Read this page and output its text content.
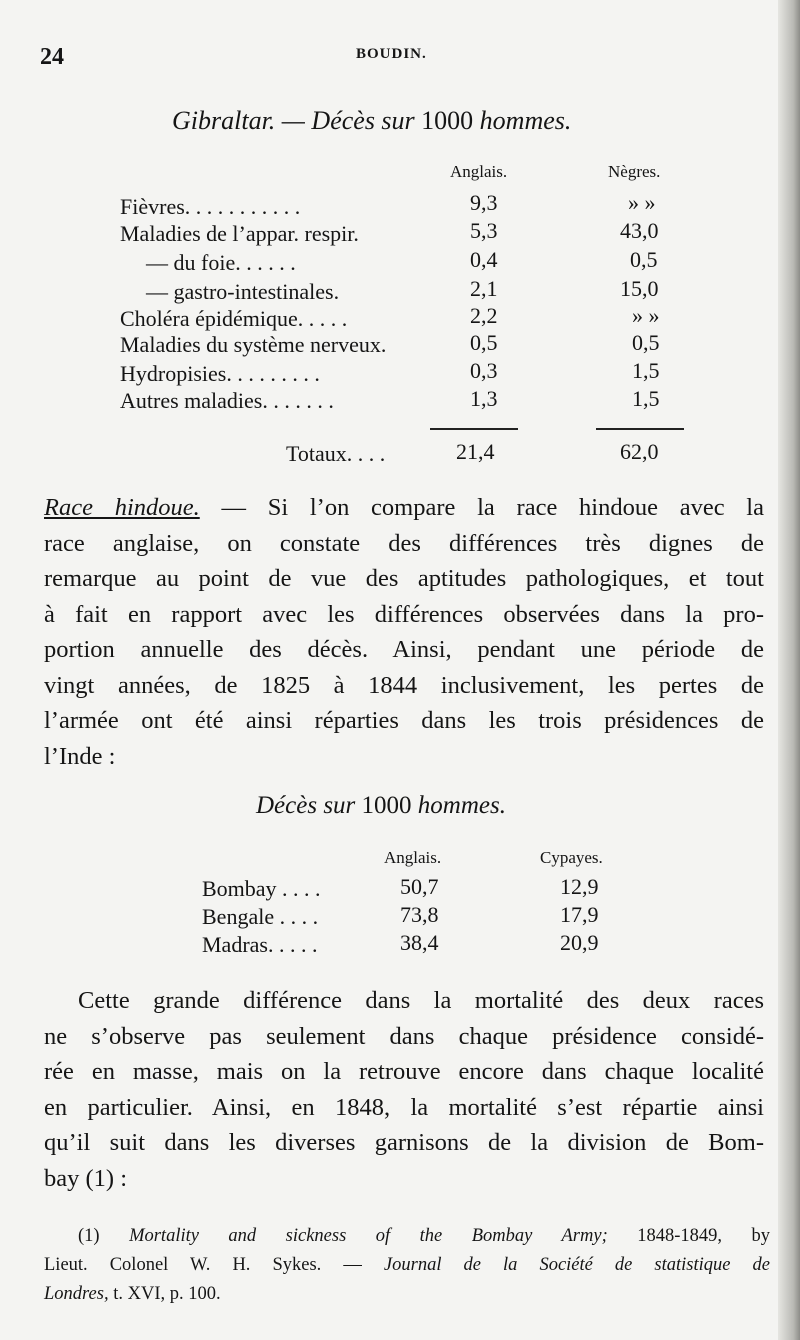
24	BOUDIN.
Gibraltar. — Décès sur 1000 hommes.
Anglais.	Nègres.
Fièvres. . . . . . . . . . .	9,3	» »
Maladies de l’appar. respir.	5,3	43,0
— du foie. . . . . .	0,4	0,5
— gastro-intestinales.	2,1	15,0
Choléra épidémique. . . . .	2,2	» »
Maladies du système nerveux.	0,5	0,5
Hydropisies. . . . . . . . .	0,3	1,5
Autres maladies. . . . . . .	1,3	1,5
Totaux. . . .	21,4	62,0
Race hindoue. — Si l’on compare la race hindoue avec la
race anglaise, on constate des différences très dignes de
remarque au point de vue des aptitudes pathologiques, et tout
à fait en rapport avec les différences observées dans la pro-
portion annuelle des décès. Ainsi, pendant une période de
vingt années, de 1825 à 1844 inclusivement, les pertes de
l’armée ont été ainsi réparties dans les trois présidences de
l’Inde :
Décès sur 1000 hommes.
Anglais.	Cypayes.
Bombay . . . .	50,7	12,9
Bengale . . . .	73,8	17,9
Madras. . . . .	38,4	20,9
Cette grande différence dans la mortalité des deux races
ne s’observe pas seulement dans chaque présidence considé-
rée en masse, mais on la retrouve encore dans chaque localité
en particulier. Ainsi, en 1848, la mortalité s’est répartie ainsi
qu’il suit dans les diverses garnisons de la division de Bom-
bay (1) :
(1) Mortality and sickness of the Bombay Army; 1848-1849, by
Lieut. Colonel W. H. Sykes. — Journal de la Société de statistique de
Londres, t. XVI, p. 100.
